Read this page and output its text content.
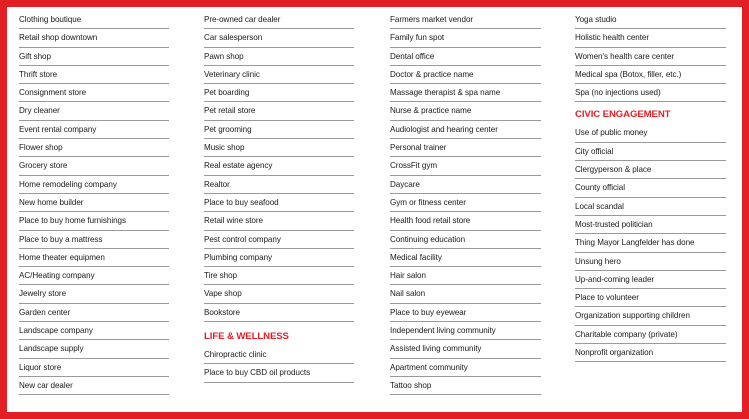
Clothing boutique
Retail shop downtown
Gift shop
Thrift store
Consignment store
Dry cleaner
Event rental company
Flower shop
Grocery store
Home remodeling company
New home builder
Place to buy home furnishings
Place to buy a mattress
Home theater equipmen
AC/Heating company
Jewelry store
Garden center
Landscape company
Landscape supply
Liquor store
New car dealer
Pre-owned car dealer
Car salesperson
Pawn shop
Veterinary clinic
Pet boarding
Pet retail store
Pet grooming
Music shop
Real estate agency
Realtor
Place to buy seafood
Retail wine store
Pest control company
Plumbing company
Tire shop
Vape shop
Bookstore
LIFE & WELLNESS
Chiropractic clinic
Place to buy CBD oil products
Farmers market vendor
Family fun spot
Dental office
Doctor & practice name
Massage therapist & spa name
Nurse & practice name
Audiologist and hearing center
Personal trainer
CrossFit gym
Daycare
Gym or fitness center
Health food retail store
Continuing education
Medical facility
Hair salon
Nail salon
Place to buy eyewear
Independent living community
Assisted living community
Apartment community
Tattoo shop
Yoga studio
Holistic health center
Women's health care center
Medical spa (Botox, filler, etc.)
Spa (no injections used)
CIVIC ENGAGEMENT
Use of public money
City official
Clergyperson & place
County official
Local scandal
Most-trusted politician
Thing Mayor Langfelder has done
Unsung hero
Up-and-coming leader
Place to volunteer
Organization supporting children
Charitable company (private)
Nonprofit organization
